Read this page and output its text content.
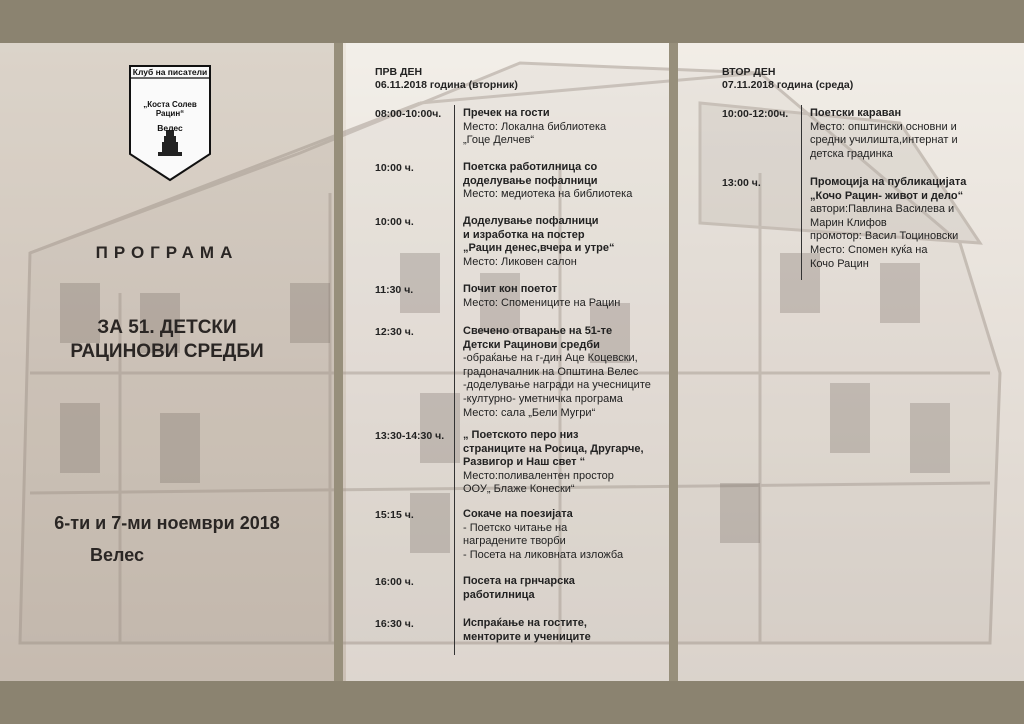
Клуб на писатели
„Коста Солев Рацин“
Велес
ПРОГРАМА
ЗА 51. ДЕТСКИ
РАЦИНОВИ СРЕДБИ
6-ти и 7-ми ноември 2018
Велес
ПРВ ДЕН
06.11.2018 година (вторник)
08:00-10:00ч. Пречек на гости
Место: Локална библиотека
„Гоце Делчев“
10:00 ч.	Поетска работилница со
доделување пофалници
Место: медиотека на библиотека
10:00 ч.	Доделување пофалници
и изработка на постер
„Рацин денес,вчера и утре“
Место: Ликовен салон
11:30 ч.	Почит кон поетот
Место: Спомениците на Рацин
12:30 ч.	Свечено отварање на 51-те
Детски Рацинови средби
-обраќање на г-дин Аце Коцевски,
градоначалник на Општина Велес
-доделување награди на учесниците
-културно- уметничка програма
Место: сала „Бели Мугри“
13:30-14:30 ч. „ Поетското перо низ
страниците на Росица, Другарче,
Развигор и Наш свет “
Место:поливалентен простор
ООУ„ Блаже Конески“
15:15 ч.	Сокаче на поезијата
- Поетско читање на
наградените творби
- Посета на ликовната изложба
16:00 ч.	Посета на грнчарска
работилница
16:30 ч.	Испраќање на гостите,
менторите и учениците
ВТОР ДЕН
07.11.2018 година (среда)
10:00-12:00ч. Поетски караван
Место: општински основни и
средни училишта,интернат и
детска градинка
13:00 ч.	Промоција на публикацијата
„Кочо Рацин- живот и дело“
автори:Павлина Василева и
Марин Клифов
промотор: Васил Тоциновски
Место: Спомен куќа на
Кочо Рацин
